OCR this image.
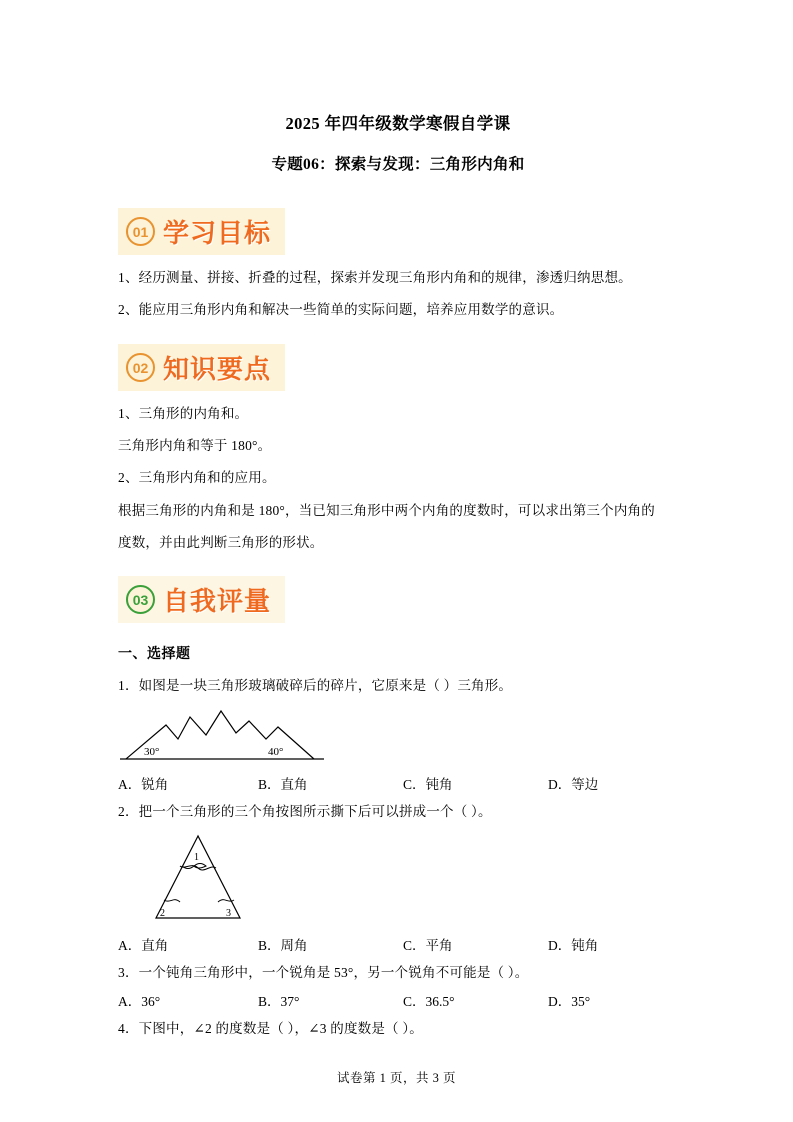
2025 年四年级数学寒假自学课
专题06：探索与发现：三角形内角和
01 学习目标

1、经历测量、拼接、折叠的过程，探索并发现三角形内角和的规律，渗透归纳思想。

2、能应用三角形内角和解决一些简单的实际问题，培养应用数学的意识。

02 知识要点

1、三角形的内角和。

三角形内角和等于 180°。

2、三角形内角和的应用。

根据三角形的内角和是 180°，当已知三角形中两个内角的度数时，可以求出第三个内角的

度数，并由此判断三角形的形状。

03 自我评量
一、选择题

1．如图是一块三角形玻璃破碎后的碎片，它原来是（ ）三角形。

30°	40°
A．锐角	B．直角	C．钝角	D．等边

2．把一个三角形的三个角按图所示撕下后可以拼成一个（ ）。

1
2	3
A．直角	B．周角	C．平角	D．钝角

3．一个钝角三角形中，一个锐角是 53°，另一个锐角不可能是（ ）。

A．36°	B．37°	C．36.5°	D．35°

4．下图中，∠2 的度数是（ ），∠3 的度数是（ ）。

试卷第 1 页，共 3 页
